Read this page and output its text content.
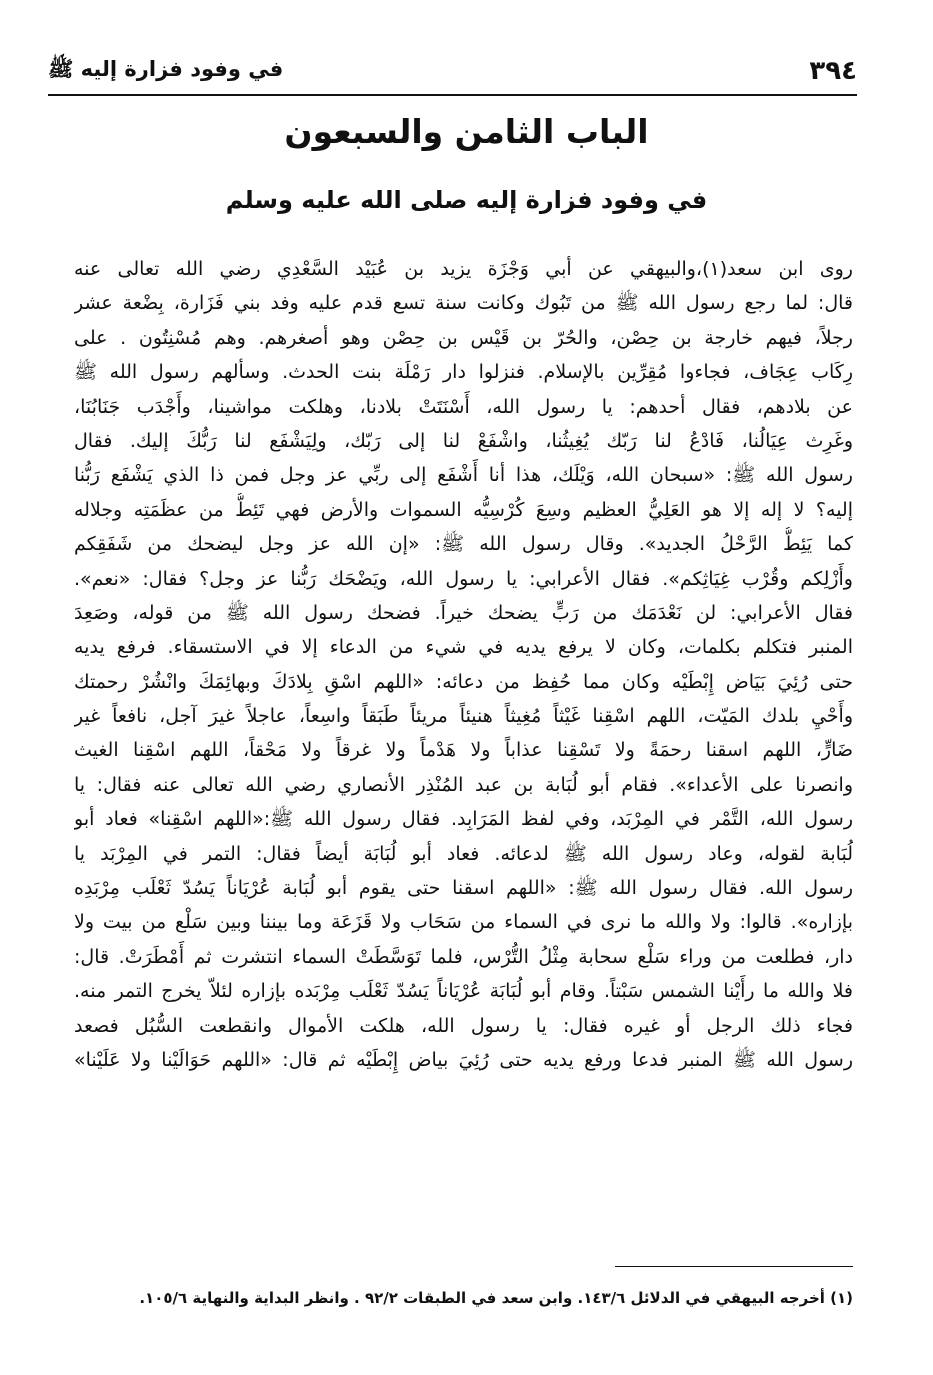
٣٩٤
في وفود فزارة إليه ﷺ
الباب الثامن والسبعون
في وفود فزارة إليه صلى الله عليه وسلم
روى ابن سعد(١)،والبيهقي عن أبي وَجْزَة يزيد بن عُبَيْد السَّعْدِي رضي الله تعالى عنه
قال: لما رجع رسول الله ﷺ من تَبُوك وكانت سنة تسع قدم عليه وفد بني فَزَارة، بِضْعة عشر
رجلاً، فيهم خارجة بن حِصْن، والحُرّ بن قَيْس بن حِصْن وهو أصغرهم. وهم مُسْنِتُون . على
رِكَاب عِجَاف، فجاءوا مُقِرِّين بالإسلام. فنزلوا دار رَمْلَة بنت الحدث. وسألهم رسول الله ﷺ
عن بلادهم، فقال أحدهم: يا رسول الله، أَسْنَتَتْ بلادنا، وهلكت مواشينا، وأَجْدَب جَنَابُنَا،
وغَرِث عِيَالُنا، فَادْعُ لنا رَبّك يُغِيثُنا، واشْفَعْ لنا إلى رَبّك، ولِيَشْفَع لنا رَبُّكَ إليك. فقال
رسول الله ﷺ: «سبحان الله، وَيْلَك، هذا أنا أَشْفَع إلى ربِّي عز وجل فمن ذا الذي يَشْفَع رَبُّنا
إليه؟ لا إله إلا هو العَلِيُّ العظيم وسِعَ كُرْسِيُّه السموات والأرض فهي تَئِطُّ من عظَمَتِه وجلاله
كما يَئِطُّ الرَّحْلُ الجديد». وقال رسول الله ﷺ: «إن الله عز وجل ليضحك من شَفَقِكم
وأَزْلِكم وقُرْب غِيَاثِكم». فقال الأعرابي: يا رسول الله، ويَضْحَك رَبُّنا عز وجل؟ فقال: «نعم».
فقال الأعرابي: لن نَعْدَمَك من رَبٍّ يضحك خيراً. فضحك رسول الله ﷺ من قوله، وصَعِدَ
المنبر فتكلم بكلمات، وكان لا يرفع يديه في شيء من الدعاء إلا في الاستسقاء. فرفع يديه
حتى رُئِيَ بَيَاض إِبْطَيْه وكان مما حُفِظ من دعائه: «اللهم اسْقِ بِلادَكَ وبهائِمَكَ وانْشُرْ رحمتك
وأَحْيِ بلدك المَيّت، اللهم اسْقِنا غَيْثاً مُغِيثاً هنيئاً مريئاً طَبَقاً واسِعاً، عاجلاً غيرَ آجل، نافعاً غير
ضَارٍّ، اللهم اسقنا رحمَةً ولا تَسْقِنا عذاباً ولا هَدْماً ولا غرقاً ولا مَحْقاً، اللهم اسْقِنا الغيث
وانصرنا على الأعداء». فقام أبو لُبَابة بن عبد المُنْذِر الأنصاري رضي الله تعالى عنه فقال: يا
رسول الله، التَّمْر في المِرْبَد، وفي لفظ المَرَابِد. فقال رسول الله ﷺ:«اللهم اسْقِنا» فعاد أبو
لُبَابة لقوله، وعاد رسول الله ﷺ لدعائه. فعاد أبو لُبَابَة أيضاً فقال: التمر في المِرْبَد يا
رسول الله. فقال رسول الله ﷺ: «اللهم اسقنا حتى يقوم أبو لُبَابة عُرْيَاناً يَسُدّ ثَعْلَب مِرْبَدِه
بإزاره». قالوا: ولا والله ما نرى في السماء من سَحَاب ولا قَزَعَة وما بيننا وبين سَلْع من بيت ولا
دار، فطلعت من وراء سَلْع سحابة مِثْلُ التُّرْس، فلما تَوَسَّطَتْ السماء انتشرت ثم أَمْطَرَتْ. قال:
فلا والله ما رأَيْنا الشمس سَبْتاً. وقام أبو لُبَابَة عُرْيَاناً يَسُدّ ثَعْلَب مِرْبَده بإزاره لئلاّ يخرج التمر منه.
فجاء ذلك الرجل أو غيره فقال: يا رسول الله، هلكت الأموال وانقطعت السُّبُل فصعد
رسول الله ﷺ المنبر فدعا ورفع يديه حتى رُئِيَ بياض إِبْطَيْه ثم قال: «اللهم حَوَالَيْنا ولا عَلَيْنا»

(١) أخرجه البيهقي في الدلائل ١٤٣/٦. وابن سعد في الطبقات ٩٢/٢ . وانظر البداية والنهاية ١٠٥/٦.
